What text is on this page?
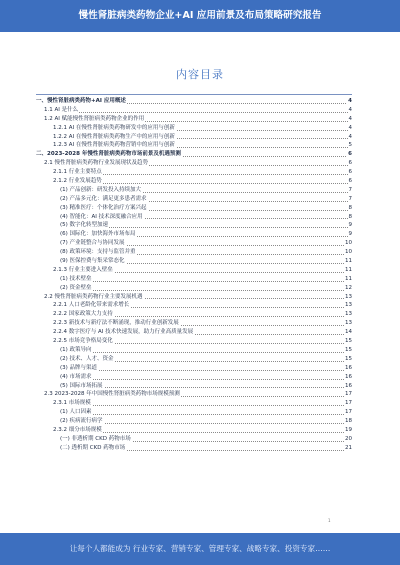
慢性肾脏病类药物企业+AI 应用前景及布局策略研究报告
内容目录
一、慢性肾脏病类药物+AI 应用概述	4
1.1 AI 是什么	4
1.2 AI 赋能慢性肾脏病类药物企业的作用	4
1.2.1 AI 在慢性肾脏病类药物研发中的应用与创新	4
1.2.2 AI 在慢性肾脏病类药物生产中的应用与创新	4
1.2.3 AI 在慢性肾脏病类药物营销中的应用与创新	5
二、2023-2028 年慢性肾脏病类药物市场前景及机遇预测	6
2.1 慢性肾脏病类药物行业发展现状及趋势	6
2.1.1 行业主要特点	6
2.1.2 行业发展趋势	6
(1) 产品创新：研发投入持续加大	7
(2) 产品多元化：满足更多患者需求	7
(3) 精准医疗：个体化治疗方案兴起	8
(4) 智能化：AI 技术深度融合应用	8
(5) 数字化转型加速	9
(6) 国际化：加快海外市场布局	9
(7) 产业链整合与协同发展	10
(8) 政策环境：支持与监管并重	10
(9) 医保控费与集采常态化	11
2.1.3 行业主要进入壁垒	11
(1) 技术壁垒	11
(2) 资金壁垒	12
2.2 慢性肾脏病类药物行业主要发展机遇	13
2.2.1 人口老龄化带来需求增长	13
2.2.2 国家政策大力支持	13
2.2.3 新技术与新疗法不断涌现，推动行业创新发展	13
2.2.4 数字医疗与 AI 技术快速发展，助力行业高质量发展	14
2.2.5 市场竞争格局变化	15
(1) 政策导向	15
(2) 技术、人才、资金	15
(3) 品牌与渠道	16
(4) 市场需求	16
(5) 国际市场拓展	16
2.3 2023-2028 年中国慢性肾脏病类药物市场规模预测	17
2.3.1 市场规模	17
(1) 人口因素	17
(2) 疾病流行病学	18
2.3.2 细分市场规模	19
(一) 非透析期 CKD 药物市场	20
(二) 透析期 CKD 药物市场	21
1
让每个人都能成为 行业专家、营销专家、管理专家、战略专家、投资专家……
